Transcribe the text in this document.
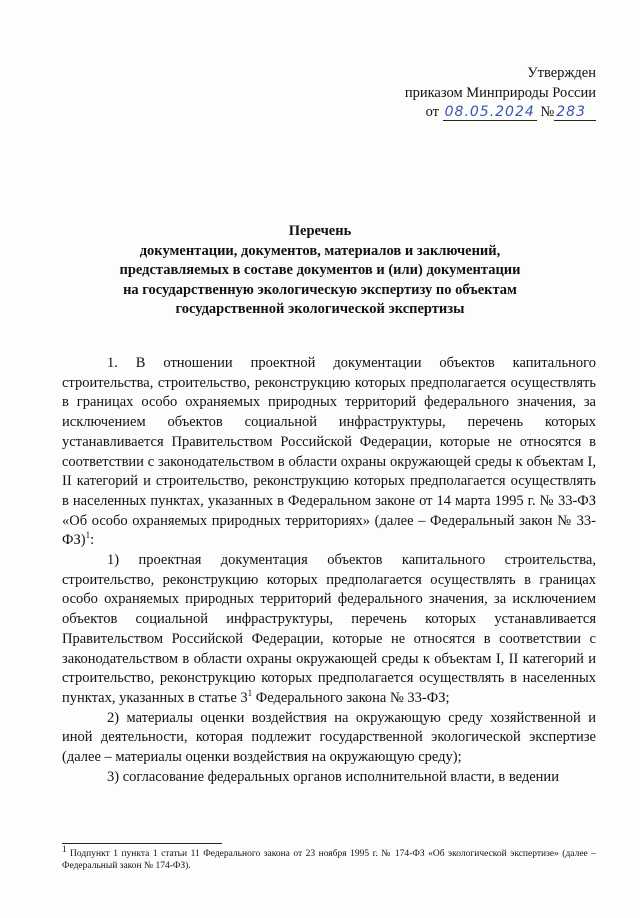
Утвержден
приказом Минприроды России
от 08.05.2024 № 283
Перечень
документации, документов, материалов и заключений,
представляемых в составе документов и (или) документации
на государственную экологическую экспертизу по объектам
государственной экологической экспертизы

1. В отношении проектной документации объектов капитального строительства, строительство, реконструкцию которых предполагается осуществлять в границах особо охраняемых природных территорий федерального значения, за исключением объектов социальной инфраструктуры, перечень которых устанавливается Правительством Российской Федерации, которые не относятся в соответствии с законодательством в области охраны окружающей среды к объектам I, II категорий и строительство, реконструкцию которых предполагается осуществлять в населенных пунктах, указанных в Федеральном законе от 14 марта 1995 г. № 33-ФЗ «Об особо охраняемых природных территориях» (далее – Федеральный закон № 33-ФЗ)$^1$:

1) проектная документация объектов капитального строительства, строительство, реконструкцию которых предполагается осуществлять в границах особо охраняемых природных территорий федерального значения, за исключением объектов социальной инфраструктуры, перечень которых устанавливается Правительством Российской Федерации, которые не относятся в соответствии с законодательством в области охраны окружающей среды к объектам I, II категорий и строительство, реконструкцию которых предполагается осуществлять в населенных пунктах, указанных в статье $3^1$ Федерального закона № 33-ФЗ;

2) материалы оценки воздействия на окружающую среду хозяйственной и иной деятельности, которая подлежит государственной экологической экспертизе (далее – материалы оценки воздействия на окружающую среду);

3) согласование федеральных органов исполнительной власти, в ведении

$^1$ Подпункт 1 пункта 1 статьи 11 Федерального закона от 23 ноября 1995 г. № 174-ФЗ «Об экологической экспертизе» (далее – Федеральный закон № 174-ФЗ).
